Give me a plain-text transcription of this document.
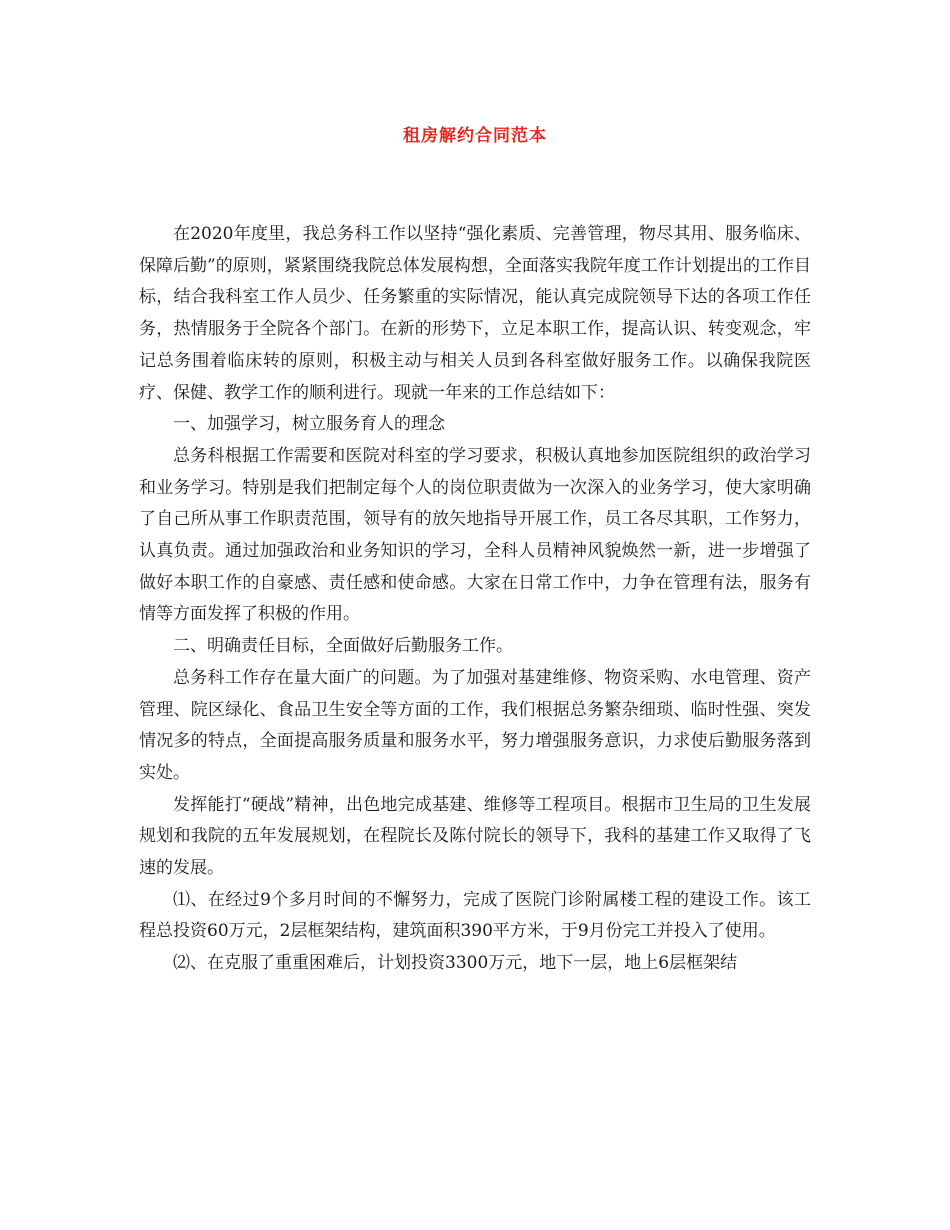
租房解约合同范本

在2020年度里，我总务科工作以坚持“强化素质、完善管理，物尽其用、服务临床、保障后勤”的原则，紧紧围绕我院总体发展构想，全面落实我院年度工作计划提出的工作目标，结合我科室工作人员少、任务繁重的实际情况，能认真完成院领导下达的各项工作任务，热情服务于全院各个部门。在新的形势下，立足本职工作，提高认识、转变观念，牢记总务围着临床转的原则，积极主动与相关人员到各科室做好服务工作。以确保我院医疗、保健、教学工作的顺利进行。现就一年来的工作总结如下：

一、加强学习，树立服务育人的理念

总务科根据工作需要和医院对科室的学习要求，积极认真地参加医院组织的政治学习和业务学习。特别是我们把制定每个人的岗位职责做为一次深入的业务学习，使大家明确了自己所从事工作职责范围，领导有的放矢地指导开展工作，员工各尽其职，工作努力，认真负责。通过加强政治和业务知识的学习，全科人员精神风貌焕然一新，进一步增强了做好本职工作的自豪感、责任感和使命感。大家在日常工作中，力争在管理有法，服务有情等方面发挥了积极的作用。

二、明确责任目标，全面做好后勤服务工作。

总务科工作存在量大面广的问题。为了加强对基建维修、物资采购、水电管理、资产管理、院区绿化、食品卫生安全等方面的工作，我们根据总务繁杂细琐、临时性强、突发情况多的特点，全面提高服务质量和服务水平，努力增强服务意识，力求使后勤服务落到实处。

发挥能打“硬战”精神，出色地完成基建、维修等工程项目。根据市卫生局的卫生发展规划和我院的五年发展规划，在程院长及陈付院长的领导下，我科的基建工作又取得了飞速的发展。

⑴、在经过9个多月时间的不懈努力，完成了医院门诊附属楼工程的建设工作。该工程总投资60万元，2层框架结构，建筑面积390平方米，于9月份完工并投入了使用。

⑵、在克服了重重困难后，计划投资3300万元，地下一层，地上6层框架结
